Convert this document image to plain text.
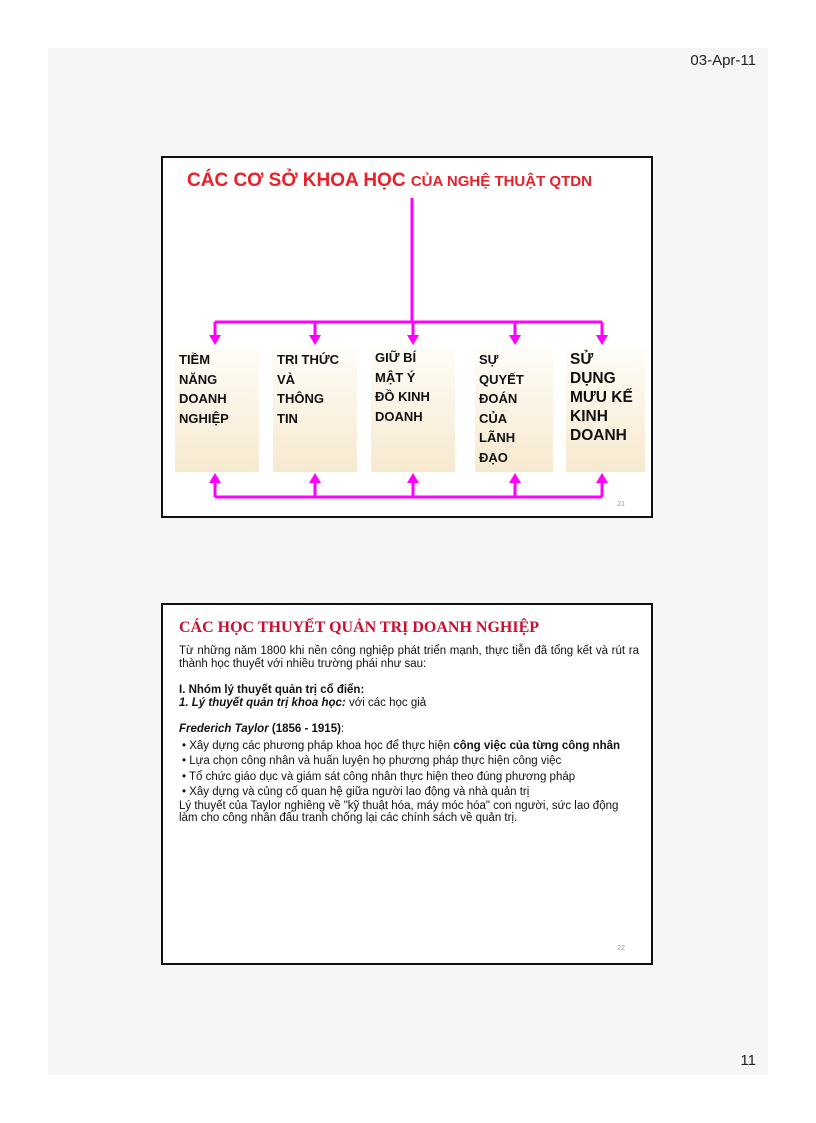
03-Apr-11
CÁC CƠ SỞ KHOA HỌC CỦA NGHỆ THUẬT QTDN
TIỀM
NĂNG
DOANH
NGHIỆP
TRI THỨC
VÀ
THÔNG
TIN
GIỮ BÍ
MẬT Ý
ĐỒ KINH
DOANH
SỰ
QUYẾT
ĐOÁN
CỦA
LÃNH
ĐẠO
SỬ
DỤNG
MƯU KẾ
KINH
DOANH
21
CÁC HỌC THUYẾT QUẢN TRỊ DOANH NGHIỆP

Từ những năm 1800 khi nền công nghiệp phát triển mạnh, thực tiễn đã tổng kết và rút ra thành học thuyết với nhiều trường phái như sau:

I. Nhóm lý thuyết quản trị cổ điển:

1. Lý thuyết quản trị khoa học: với các học giả

Frederich Taylor (1856 - 1915):

• Xây dựng các phương pháp khoa học để thực hiện công việc của từng công nhân

• Lựa chọn công nhân và huấn luyện họ phương pháp thực hiện công việc

• Tổ chức giáo dục và giám sát công nhân thực hiện theo đúng phương pháp

• Xây dựng và củng cố quan hệ giữa người lao động và nhà quản trị

Lý thuyết của Taylor nghiêng về "kỹ thuật hóa, máy móc hóa" con người, sức lao động làm cho công nhân đấu tranh chống lại các chính sách về quản trị.

22
11
